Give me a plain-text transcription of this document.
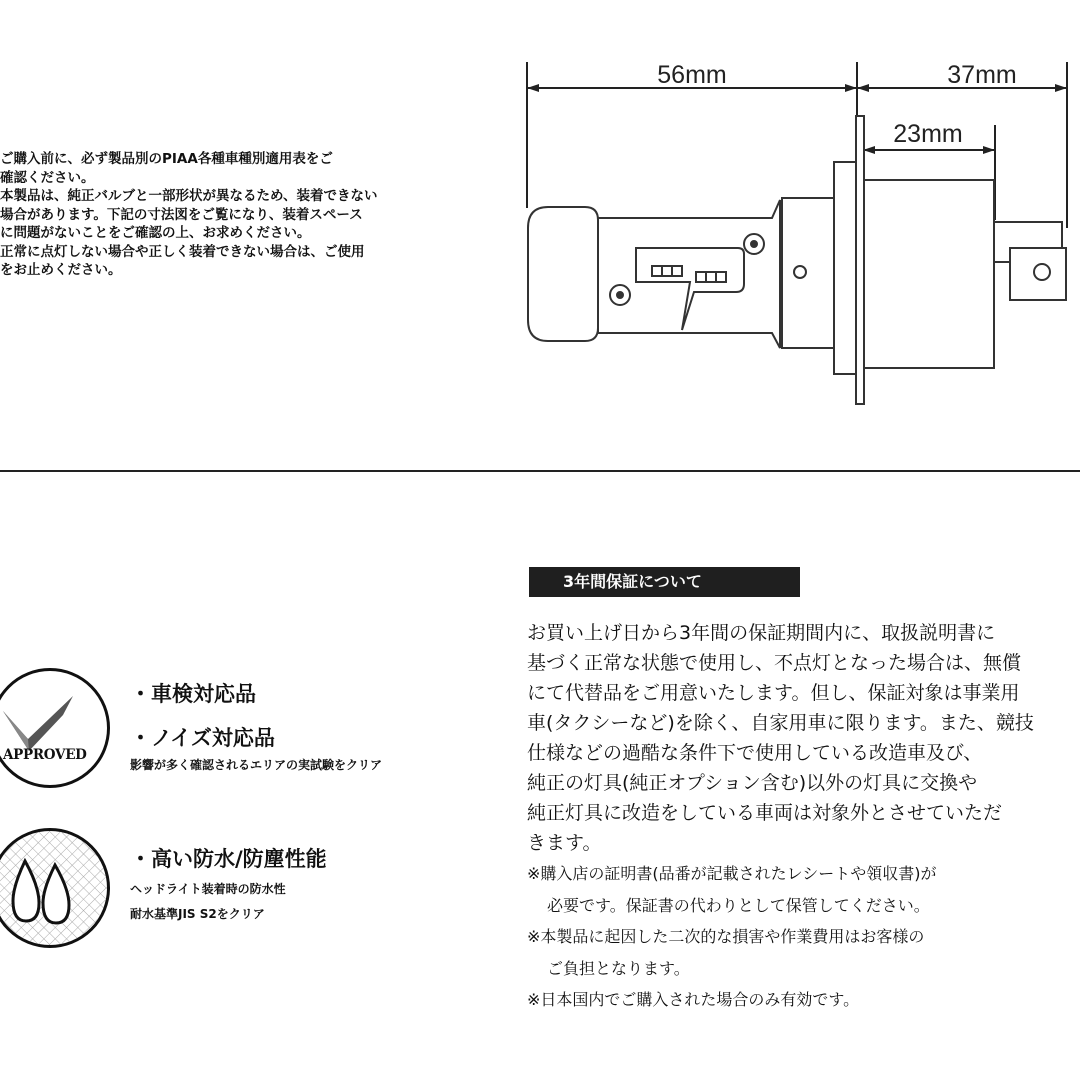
ご購入前に、必ず製品別のPIAA各種車種別適用表をご

確認ください。

本製品は、純正バルブと一部形状が異なるため、装着できない

場合があります。下記の寸法図をご覧になり、装着スペース

に問題がないことをご確認の上、お求めください。

正常に点灯しない場合や正しく装着できない場合は、ご使用

をお止めください。

56mm	37mm
23mm
APPROVED

・車検対応品

・ノイズ対応品

影響が多く確認されるエリアの実試験をクリア

・高い防水/防塵性能

ヘッドライト装着時の防水性

耐水基準JIS S2をクリア

3年間保証について

お買い上げ日から3年間の保証期間内に、取扱説明書に

基づく正常な状態で使用し、不点灯となった場合は、無償

にて代替品をご用意いたします。但し、保証対象は事業用

車(タクシーなど)を除く、自家用車に限ります。また、競技

仕様などの過酷な条件下で使用している改造車及び、

純正の灯具(純正オプション含む)以外の灯具に交換や

純正灯具に改造をしている車両は対象外とさせていただ

きます。

※購入店の証明書(品番が記載されたレシートや領収書)が

必要です。保証書の代わりとして保管してください。

※本製品に起因した二次的な損害や作業費用はお客様の

ご負担となります。

※日本国内でご購入された場合のみ有効です。
